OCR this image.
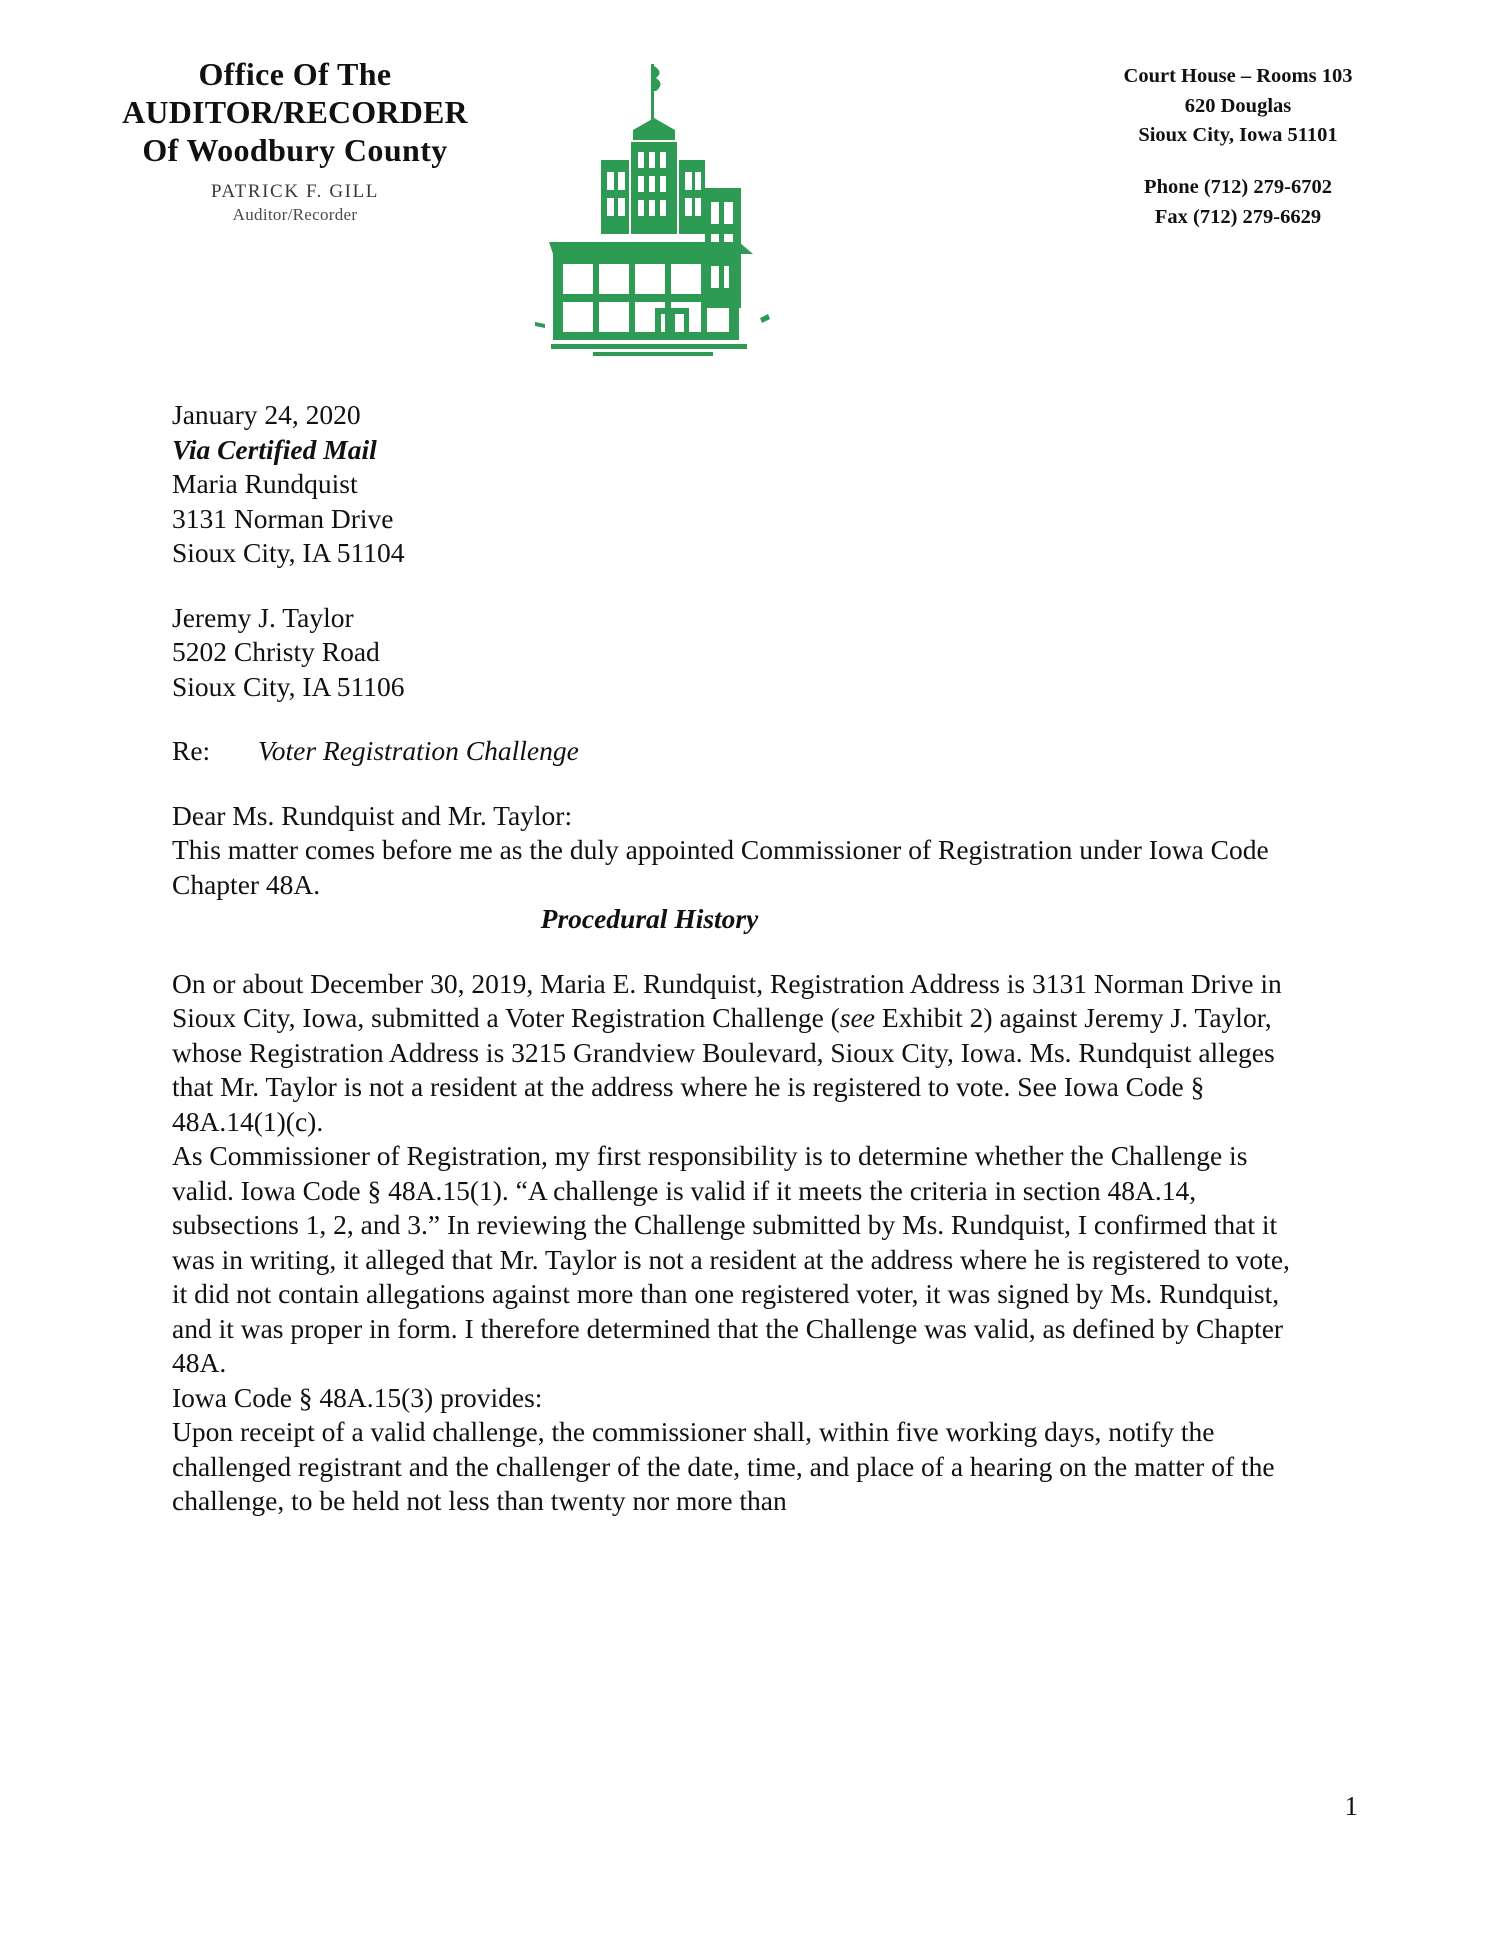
Office Of The
AUDITOR/RECORDER
Of Woodbury County
PATRICK F. GILL
Auditor/Recorder
Court House – Rooms 103
620 Douglas
Sioux City, Iowa 51101
Phone (712) 279-6702
Fax (712) 279-6629

January 24, 2020

Via Certified Mail

Maria Rundquist

3131 Norman Drive

Sioux City, IA 51104

Jeremy J. Taylor

5202 Christy Road

Sioux City, IA 51106

Re:	Voter Registration Challenge

Dear Ms. Rundquist and Mr. Taylor:

This matter comes before me as the duly appointed Commissioner of Registration under Iowa Code Chapter 48A.

Procedural History

On or about December 30, 2019, Maria E. Rundquist, Registration Address is 3131 Norman Drive in Sioux City, Iowa, submitted a Voter Registration Challenge (see Exhibit 2) against Jeremy J. Taylor, whose Registration Address is 3215 Grandview Boulevard, Sioux City, Iowa. Ms. Rundquist alleges that Mr. Taylor is not a resident at the address where he is registered to vote. See Iowa Code § 48A.14(1)(c).

As Commissioner of Registration, my first responsibility is to determine whether the Challenge is valid. Iowa Code § 48A.15(1). “A challenge is valid if it meets the criteria in section 48A.14, subsections 1, 2, and 3.” In reviewing the Challenge submitted by Ms. Rundquist, I confirmed that it was in writing, it alleged that Mr. Taylor is not a resident at the address where he is registered to vote, it did not contain allegations against more than one registered voter, it was signed by Ms. Rundquist, and it was proper in form. I therefore determined that the Challenge was valid, as defined by Chapter 48A.

Iowa Code § 48A.15(3) provides:

Upon receipt of a valid challenge, the commissioner shall, within five working days, notify the challenged registrant and the challenger of the date, time, and place of a hearing on the matter of the challenge, to be held not less than twenty nor more than

1
